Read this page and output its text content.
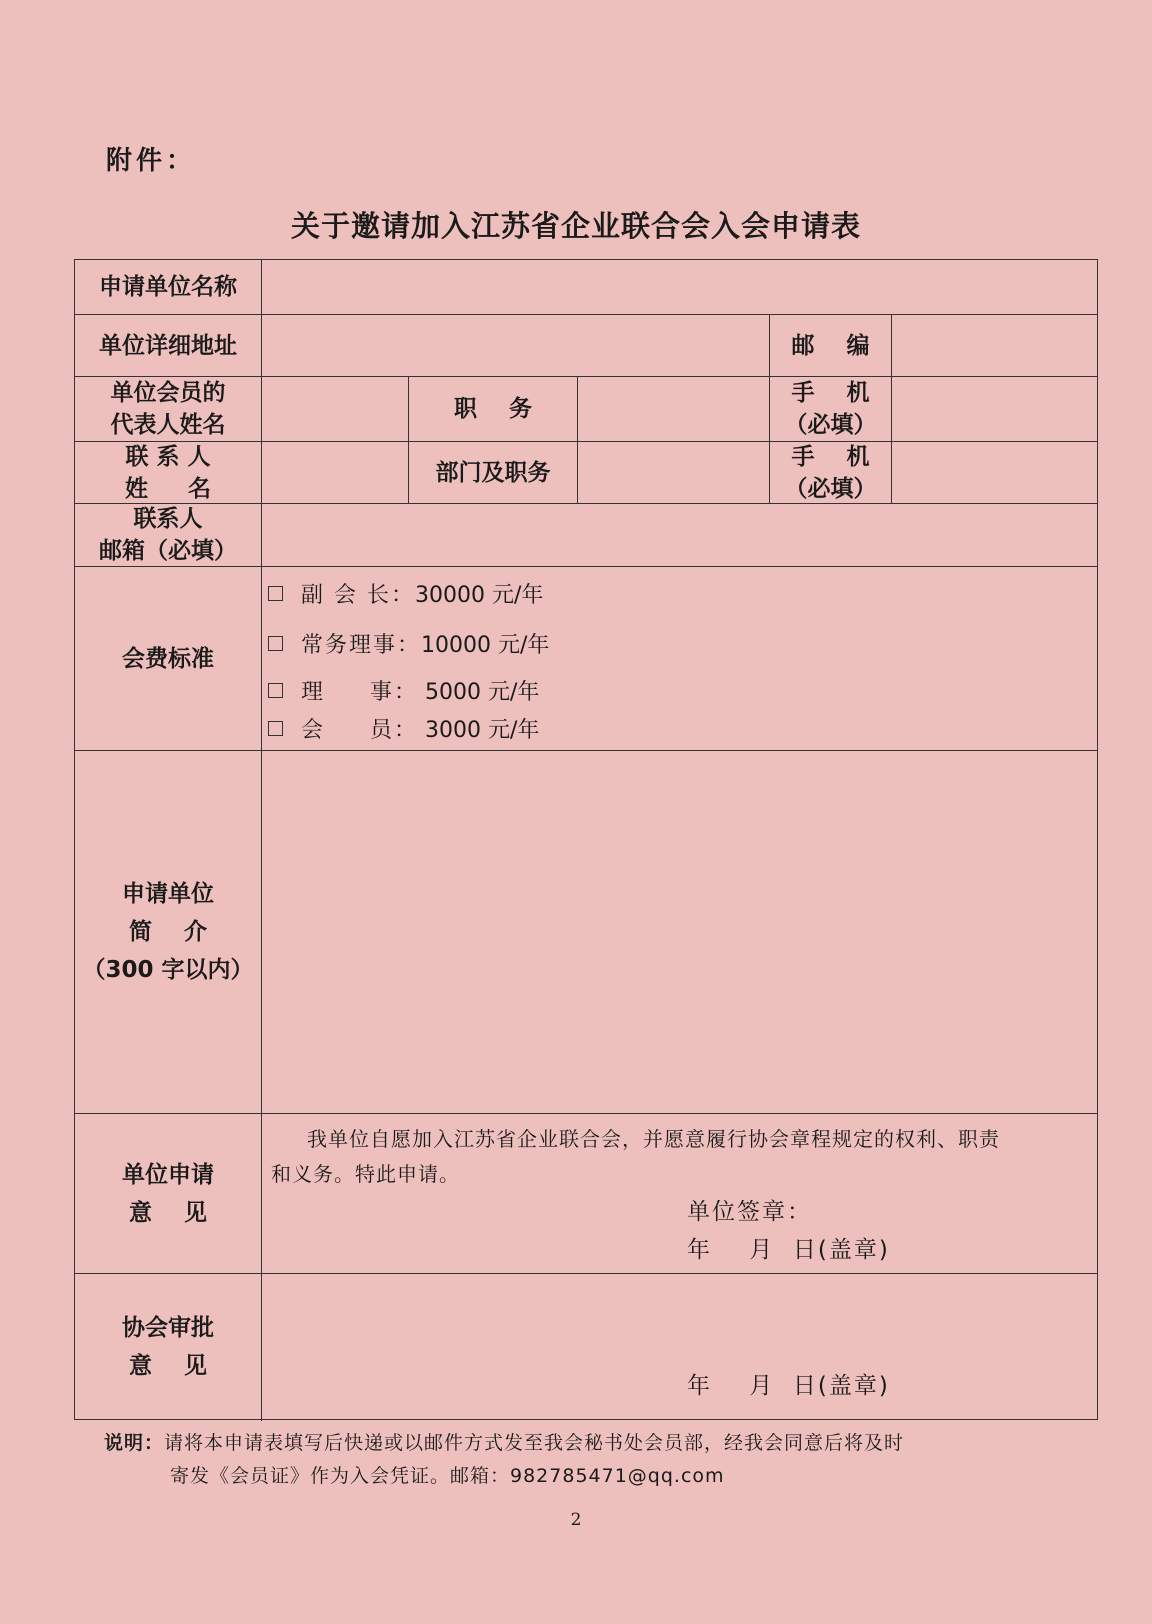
附件：
关于邀请加入江苏省企业联合会入会申请表
申请单位名称
单位详细地址	邮    编
单位会员的
代表人姓名
职    务
手    机
（必填）
联 系 人
姓     名
部门及职务
手    机
（必填）
联系人
邮箱（必填）
会费标准
副 会 长： 30000 元/年
常务理事： 10000 元/年
理     事： 5000 元/年
会     员： 3000 元/年
申请单位
简    介
（300 字以内）
单位申请
意    见
我单位自愿加入江苏省企业联合会，并愿意履行协会章程规定的权利、职责
和义务。特此申请。
单位签章：
年    月  日(盖章)
协会审批
意    见
年    月  日(盖章)
说明：请将本申请表填写后快递或以邮件方式发至我会秘书处会员部，经我会同意后将及时
寄发《会员证》作为入会凭证。邮箱：982785471@qq.com
2
